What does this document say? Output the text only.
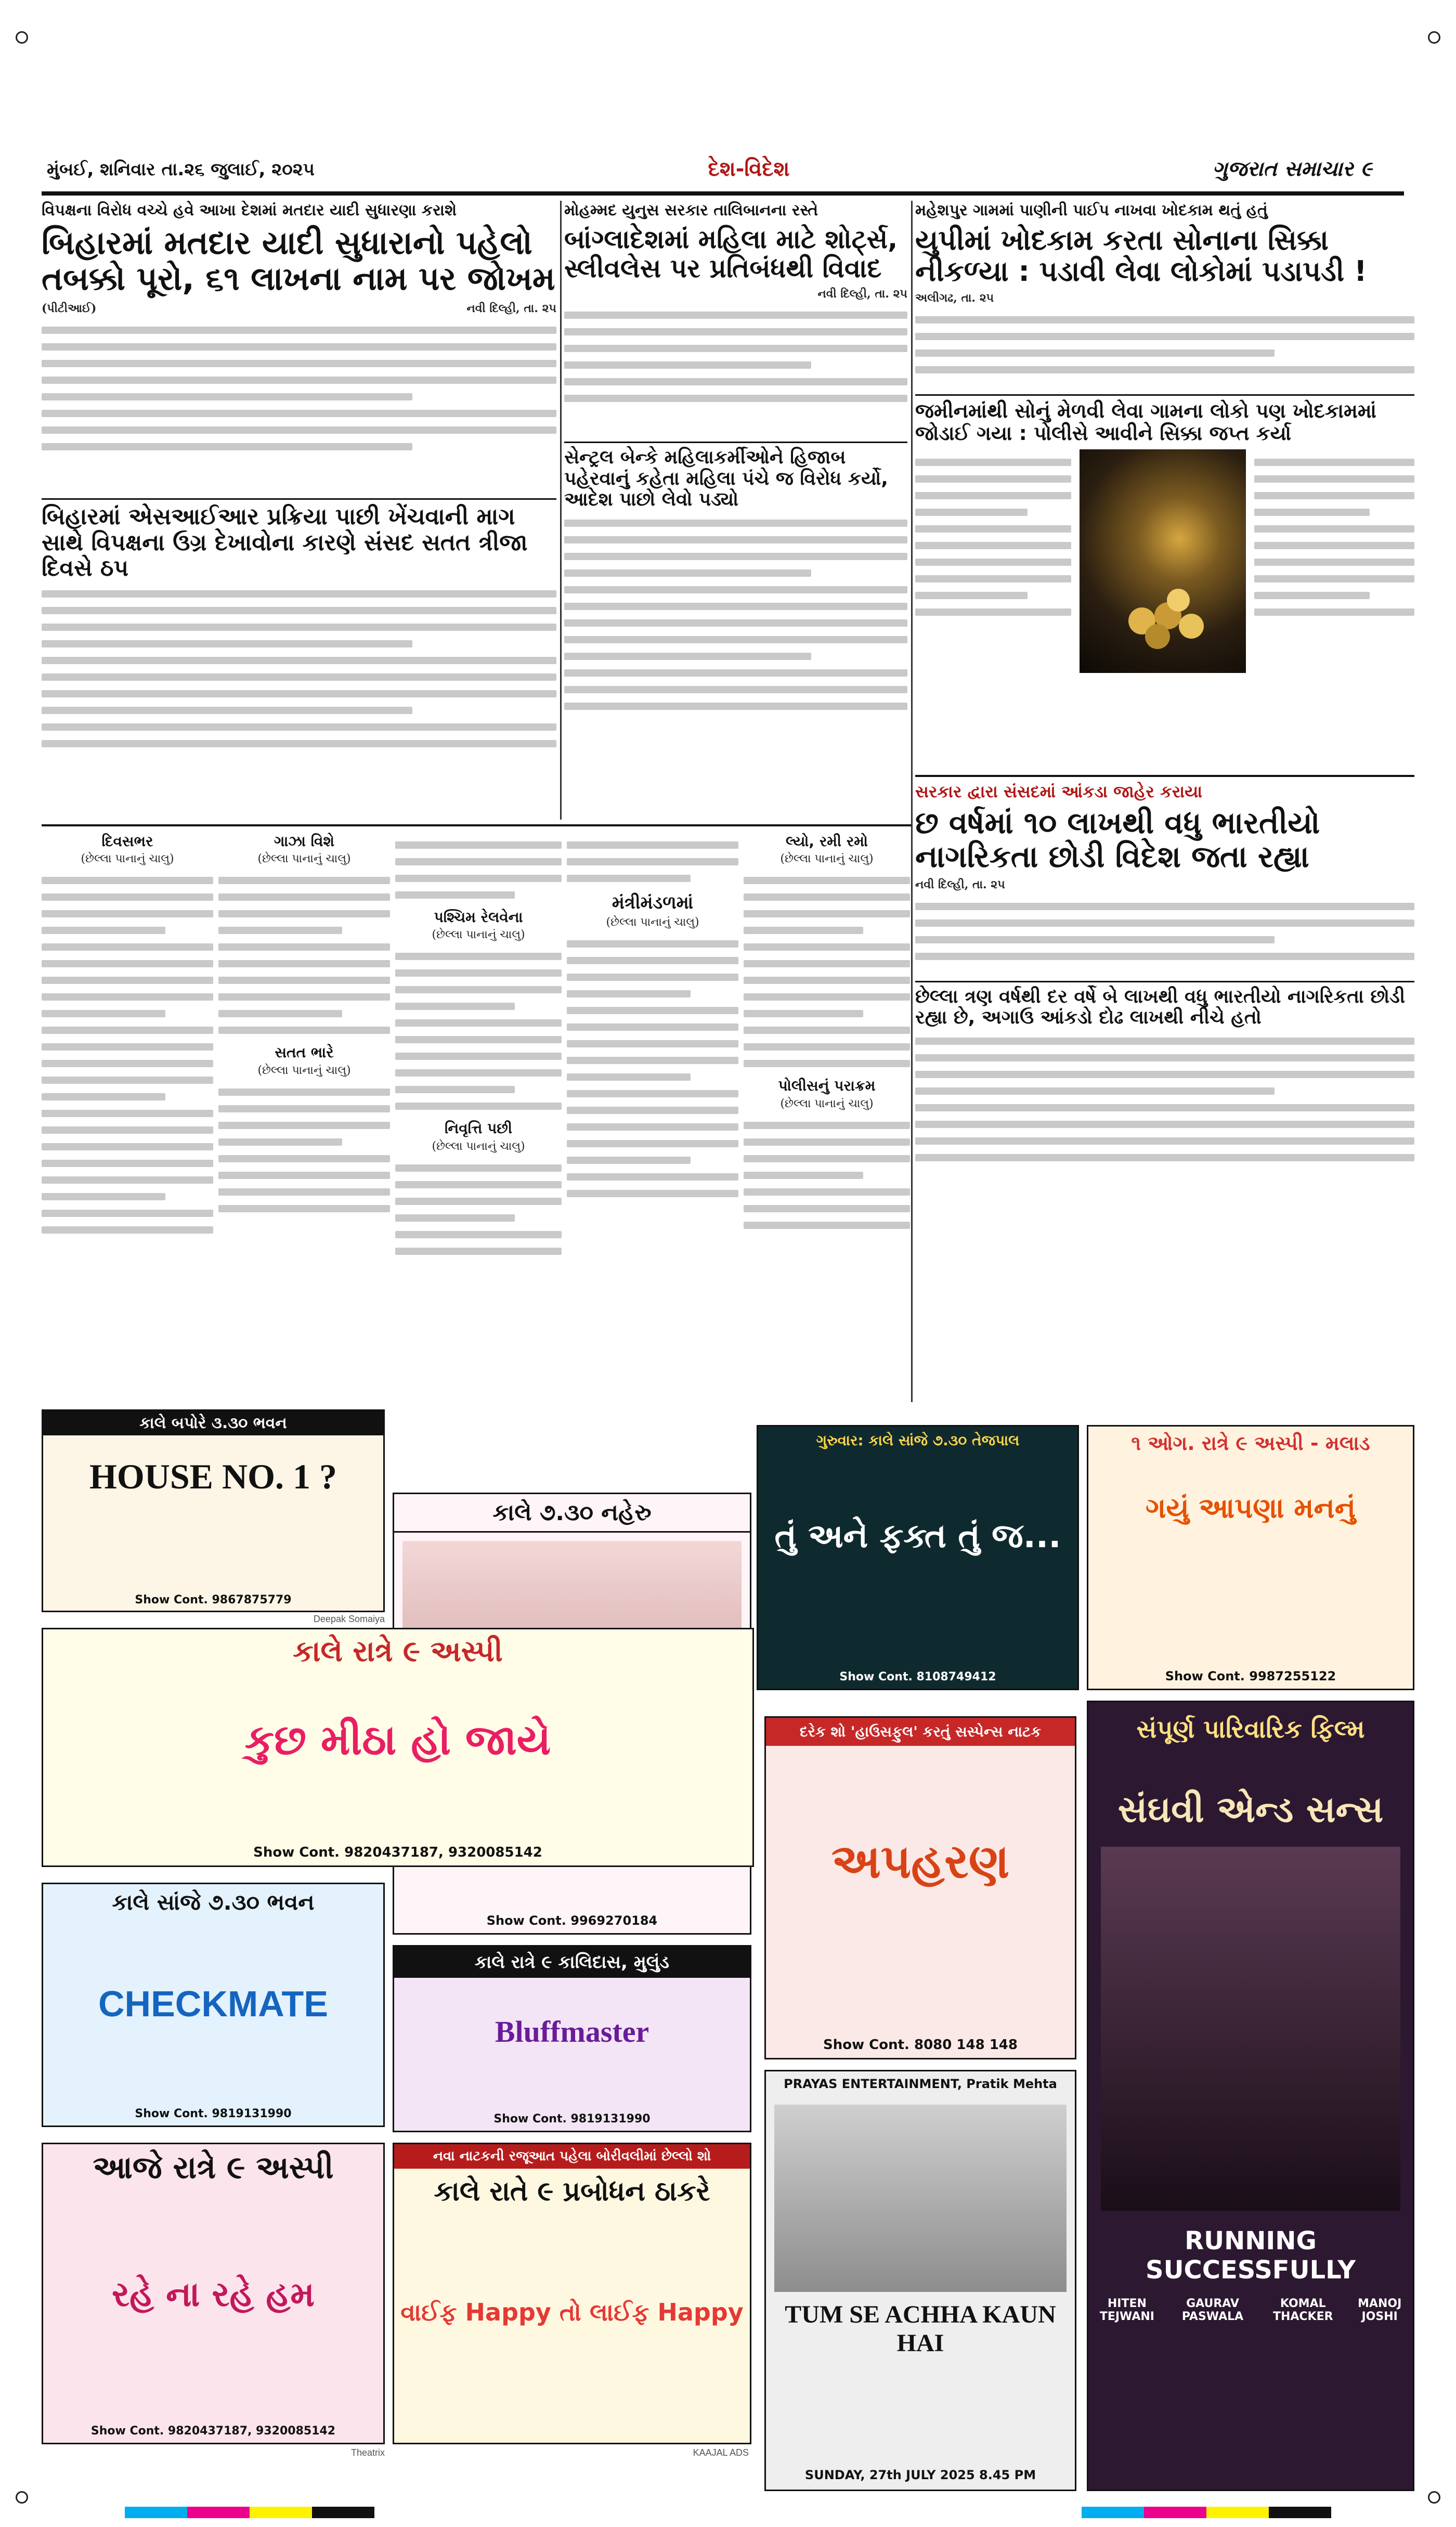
મુંબઈ, શનિવાર તા.૨૬ જુલાઈ, ૨૦૨૫	દેશ-વિદેશ	ગુજરાત સમાચાર ૯
વિપક્ષના વિરોધ વચ્ચે હવે આખા દેશમાં મતદાર યાદી સુધારણા કરાશે
બિહારમાં મતદાર યાદી સુધારાનો પહેલો તબક્કો પૂરો, ૬૧ લાખના નામ પર જોખમ
(પીટીઆઈ)	નવી દિલ્હી, તા. ૨૫
બિહારમાં એસઆઈઆર પ્રક્રિયા પાછી ખેંચવાની માગ સાથે વિપક્ષના ઉગ્ર દેખાવોના કારણે સંસદ સતત ત્રીજા દિવસે ઠપ
મોહમ્મદ યુનુસ સરકાર તાલિબાનના રસ્તે
બાંગ્લાદેશમાં મહિલા માટે શોર્ટ્સ, સ્લીવલેસ પર પ્રતિબંધથી વિવાદ
નવી દિલ્હી, તા. ૨૫
સેન્ટ્રલ બેન્કે મહિલાકર્મીઓને હિજાબ પહેરવાનું કહેતા મહિલા પંચે જ વિરોધ કર્યો, આદેશ પાછો લેવો પડ્યો
મહેશપુર ગામમાં પાણીની પાઈપ નાખવા ખોદકામ થતું હતું
યુપીમાં ખોદકામ કરતા સોનાના સિક્કા નીકળ્યા : પડાવી લેવા લોકોમાં પડાપડી !
અલીગઢ, તા. ૨૫
જમીનમાંથી સોનું મેળવી લેવા ગામના લોકો પણ ખોદકામમાં જોડાઈ ગયા : પોલીસે આવીને સિક્કા જપ્ત કર્યા
સરકાર દ્વારા સંસદમાં આંકડા જાહેર કરાયા
છ વર્ષમાં ૧૦ લાખથી વધુ ભારતીયો નાગરિકતા છોડી વિદેશ જતા રહ્યા
નવી દિલ્હી, તા. ૨૫
છેલ્લા ત્રણ વર્ષથી દર વર્ષે બે લાખથી વધુ ભારતીયો નાગરિકતા છોડી રહ્યા છે, અગાઉ આંકડો દોઢ લાખથી નીચે હતો
દિવસભર
(છેલ્લા પાનાનું ચાલુ)
ગાઝા વિશે
(છેલ્લા પાનાનું ચાલુ)
સતત ભારે
(છેલ્લા પાનાનું ચાલુ)
પશ્ચિમ રેલવેના
(છેલ્લા પાનાનું ચાલુ)
નિવૃત્તિ પછી
(છેલ્લા પાનાનું ચાલુ)
મંત્રીમંડળમાં
(છેલ્લા પાનાનું ચાલુ)
લ્યો, રમી રમો
(છેલ્લા પાનાનું ચાલુ)
પોલીસનું પરાક્રમ
(છેલ્લા પાનાનું ચાલુ)
કાલે બપોરે ૩.૩૦ ભવન
HOUSE NO. 1 ?
Show Cont. 9867875779
કાલે ૭.૩૦ નહેરુ
Show Cont. 9969270184
ગુરુવાર: કાલે સાંજે ૭.૩૦ તેજપાલ
તું અને ફક્ત તું જ...
Show Cont. 8108749412
૧ ઓગ. રાત્રે ૯ અસ્પી - મલાડ
ગયું આપણા મનનું
Show Cont. 9987255122
કાલે રાત્રે ૯ અસ્પી
કુછ મીઠા હો જાયે
Show Cont. 9820437187, 9320085142
સંપૂર્ણ પારિવારિક ફિલ્મ
સંઘવી એન્ડ સન્સ
RUNNING SUCCESSFULLY
HITEN TEJWANI
GAURAV PASWALA
KOMAL THACKER
MANOJ JOSHI
દરેક શો 'હાઉસફુલ' કરતું સસ્પેન્સ નાટક
અપહરણ
Show Cont. 8080 148 148
કાલે સાંજે ૭.૩૦ ભવન
CHECKMATE
Show Cont. 9819131990
કાલે રાત્રે ૯ કાલિદાસ, મુલુંડ
Bluffmaster
Show Cont. 9819131990
PRAYAS ENTERTAINMENT, Pratik Mehta
TUM SE ACHHA KAUN HAI
SUNDAY, 27th JULY 2025 8.45 PM
આજે રાત્રે ૯ અસ્પી
રહે ના રહે હમ
Show Cont. 9820437187, 9320085142
નવા નાટકની રજૂઆત પહેલા બોરીવલીમાં છેલ્લો શો
કાલે રાતે ૯ પ્રબોધન ઠાકરે
વાઈફ Happy તો લાઈફ Happy
Deepak Somaiya
KAAJAL ADS
Theatrix
